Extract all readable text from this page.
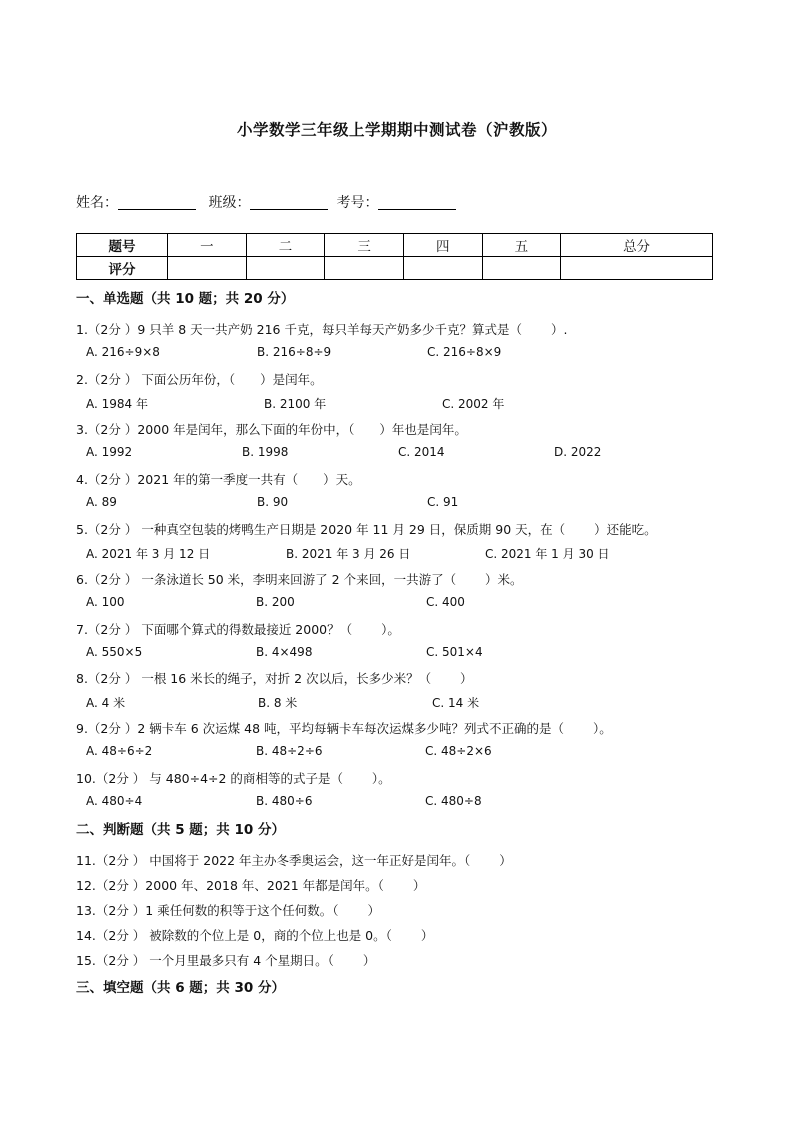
小学数学三年级上学期期中测试卷（沪教版）
姓名：	班级：	考号：
题号	一	二	三	四	五	总分
评分						
一、单选题（共 10 题；共 20 分）
1.（2分 ）9 只羊 8 天一共产奶 216 千克，每只羊每天产奶多少千克？算式是（　　 ）.
A. 216÷9×8	B. 216÷8÷9	C. 216÷8×9
2.（2分 ） 下面公历年份，（　　）是闰年。
A. 1984 年	B. 2100 年	C. 2002 年
3.（2分 ）2000 年是闰年，那么下面的年份中，（　　）年也是闰年。
A. 1992	B. 1998	C. 2014	D. 2022
4.（2分 ）2021 年的第一季度一共有（　　）天。
A. 89	B. 90	C. 91
5.（2分 ） 一种真空包装的烤鸭生产日期是 2020 年 11 月 29 日，保质期 90 天，在（　　 ）还能吃。
A. 2021 年 3 月 12 日	B. 2021 年 3 月 26 日	C. 2021 年 1 月 30 日
6.（2分 ） 一条泳道长 50 米，李明来回游了 2 个来回，一共游了（　　 ）米。
A. 100	B. 200	C. 400
7.（2分 ） 下面哪个算式的得数最接近 2000？（　　 ）。
A. 550×5	B. 4×498	C. 501×4
8.（2分 ） 一根 16 米长的绳子，对折 2 次以后，长多少米？（　　 ）
A. 4 米	B. 8 米	C. 14 米
9.（2分 ）2 辆卡车 6 次运煤 48 吨，平均每辆卡车每次运煤多少吨？列式不正确的是（　　 ）。
A. 48÷6÷2	B. 48÷2÷6	C. 48÷2×6
10.（2分 ） 与 480÷4÷2 的商相等的式子是（　　 ）。
A. 480÷4	B. 480÷6	C. 480÷8
二、判断题（共 5 题；共 10 分）
11.（2分 ） 中国将于 2022 年主办冬季奥运会，这一年正好是闰年。（　　 ）
12.（2分 ）2000 年、2018 年、2021 年都是闰年。（　　 ）
13.（2分 ）1 乘任何数的积等于这个任何数。（　　 ）
14.（2分 ） 被除数的个位上是 0，商的个位上也是 0。（　　 ）
15.（2分 ） 一个月里最多只有 4 个星期日。（　　 ）
三、填空题（共 6 题；共 30 分）
